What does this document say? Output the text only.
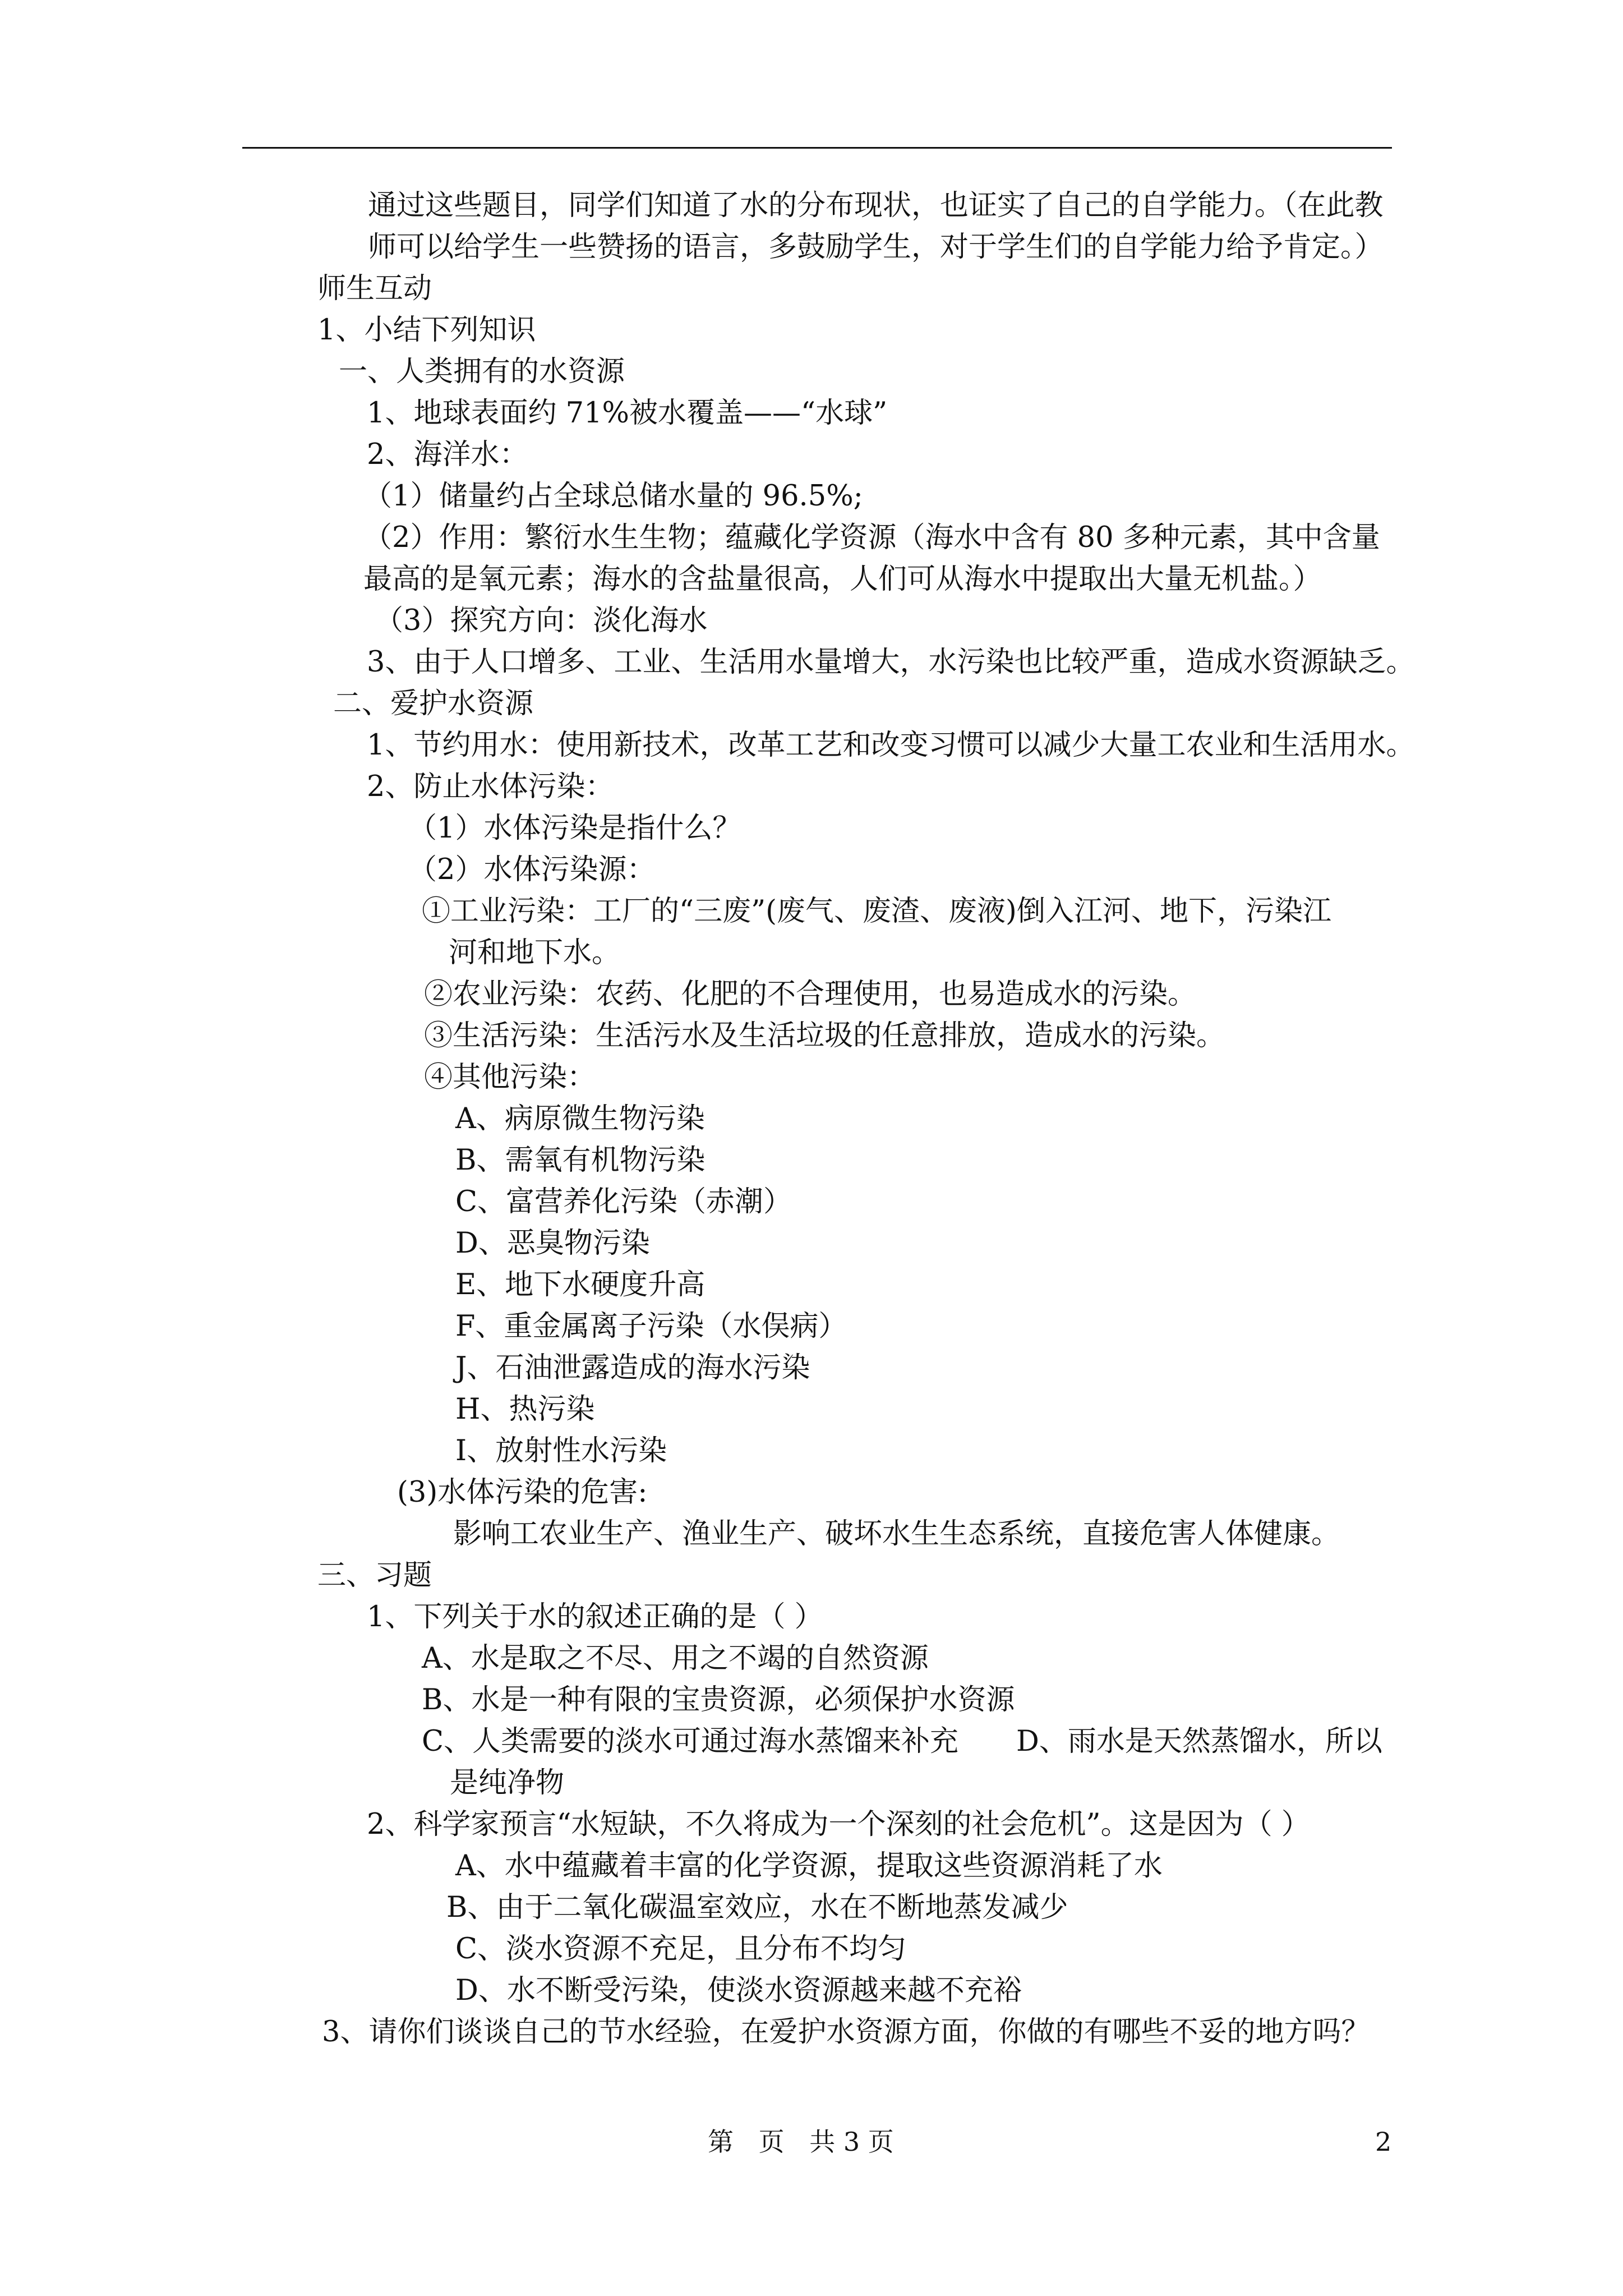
通过这些题目，同学们知道了水的分布现状，也证实了自己的自学能力。（在此教师可以给学生一些赞扬的语言，多鼓励学生，对于学生们的自学能力给予肯定。）
师生互动
1、小结下列知识
一、人类拥有的水资源
1、地球表面约 71%被水覆盖——“水球”
2、海洋水：
（1）储量约占全球总储水量的 96.5%;
（2）作用：繁衍水生生物；蕴藏化学资源（海水中含有 80 多种元素，其中含量最高的是氧元素；海水的含盐量很高，人们可从海水中提取出大量无机盐。）
（3）探究方向：淡化海水
3、由于人口增多、工业、生活用水量增大，水污染也比较严重，造成水资源缺乏。
二、爱护水资源
1、节约用水：使用新技术，改革工艺和改变习惯可以减少大量工农业和生活用水。
2、防止水体污染：
（1）水体污染是指什么？
（2）水体污染源：
①工业污染：工厂的“三废”(废气、废渣、废液)倒入江河、地下，污染江
河和地下水。
②农业污染：农药、化肥的不合理使用，也易造成水的污染。
③生活污染：生活污水及生活垃圾的任意排放，造成水的污染。
④其他污染：
A、病原微生物污染
B、需氧有机物污染
C、富营养化污染（赤潮）
D、恶臭物污染
E、地下水硬度升高
F、重金属离子污染（水俣病）
J、石油泄露造成的海水污染
H、热污染
I、放射性水污染
(3)水体污染的危害:
影响工农业生产、渔业生产、破坏水生生态系统，直接危害人体健康。
三、习题
1、下列关于水的叙述正确的是（ ）
A、水是取之不尽、用之不竭的自然资源
B、水是一种有限的宝贵资源，必须保护水资源
C、人类需要的淡水可通过海水蒸馏来补充	D、雨水是天然蒸馏水，所以
是纯净物
2、科学家预言“水短缺，不久将成为一个深刻的社会危机”。这是因为（ ）
A、水中蕴藏着丰富的化学资源，提取这些资源消耗了水
B、由于二氧化碳温室效应，水在不断地蒸发减少
C、淡水资源不充足，且分布不均匀
D、水不断受污染，使淡水资源越来越不充裕
3、请你们谈谈自己的节水经验，在爱护水资源方面，你做的有哪些不妥的地方吗？
第 页 共 3 页	2
